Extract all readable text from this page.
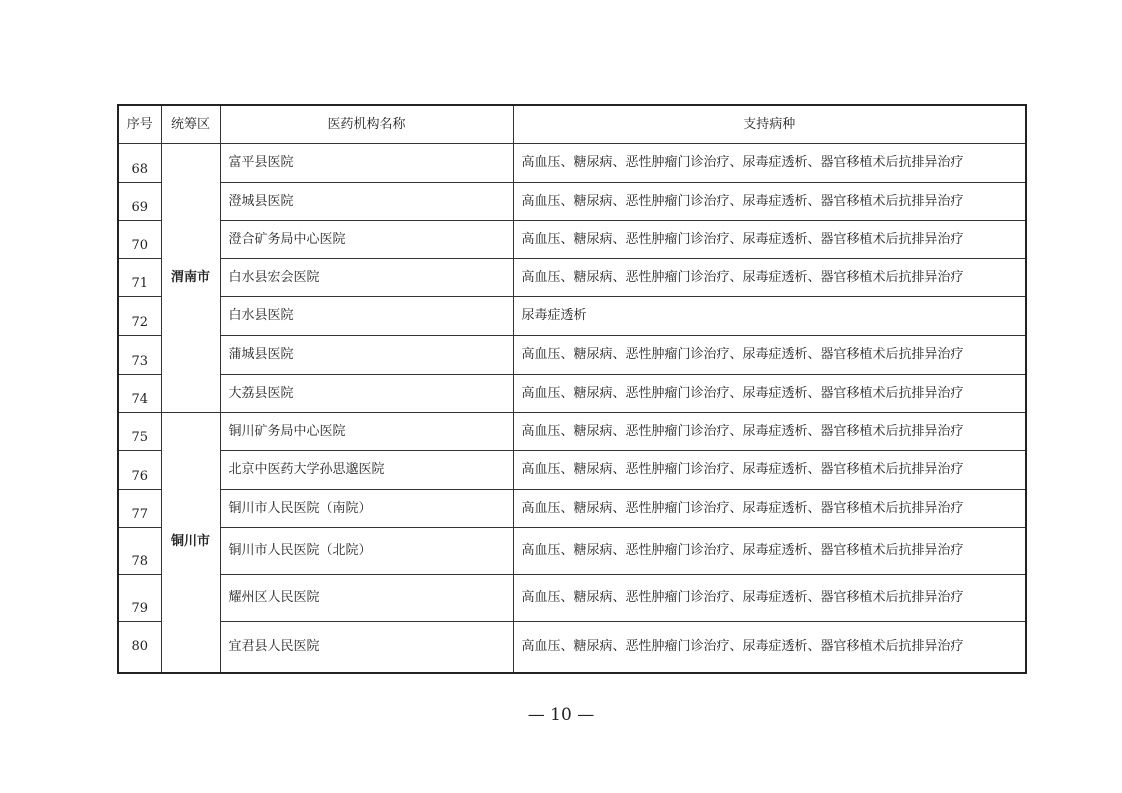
序号	统筹区	医药机构名称	支持病种
68	渭南市	富平县医院	高血压、糖尿病、恶性肿瘤门诊治疗、尿毒症透析、器官移植术后抗排异治疗
69		澄城县医院	高血压、糖尿病、恶性肿瘤门诊治疗、尿毒症透析、器官移植术后抗排异治疗
70		澄合矿务局中心医院	高血压、糖尿病、恶性肿瘤门诊治疗、尿毒症透析、器官移植术后抗排异治疗
71		白水县宏会医院	高血压、糖尿病、恶性肿瘤门诊治疗、尿毒症透析、器官移植术后抗排异治疗
72		白水县医院	尿毒症透析
73		蒲城县医院	高血压、糖尿病、恶性肿瘤门诊治疗、尿毒症透析、器官移植术后抗排异治疗
74		大荔县医院	高血压、糖尿病、恶性肿瘤门诊治疗、尿毒症透析、器官移植术后抗排异治疗
75	铜川市	铜川矿务局中心医院	高血压、糖尿病、恶性肿瘤门诊治疗、尿毒症透析、器官移植术后抗排异治疗
76		北京中医药大学孙思邈医院	高血压、糖尿病、恶性肿瘤门诊治疗、尿毒症透析、器官移植术后抗排异治疗
77		铜川市人民医院（南院）	高血压、糖尿病、恶性肿瘤门诊治疗、尿毒症透析、器官移植术后抗排异治疗
78		铜川市人民医院（北院）	高血压、糖尿病、恶性肿瘤门诊治疗、尿毒症透析、器官移植术后抗排异治疗
79		耀州区人民医院	高血压、糖尿病、恶性肿瘤门诊治疗、尿毒症透析、器官移植术后抗排异治疗
80		宜君县人民医院	高血压、糖尿病、恶性肿瘤门诊治疗、尿毒症透析、器官移植术后抗排异治疗
— 10 —
